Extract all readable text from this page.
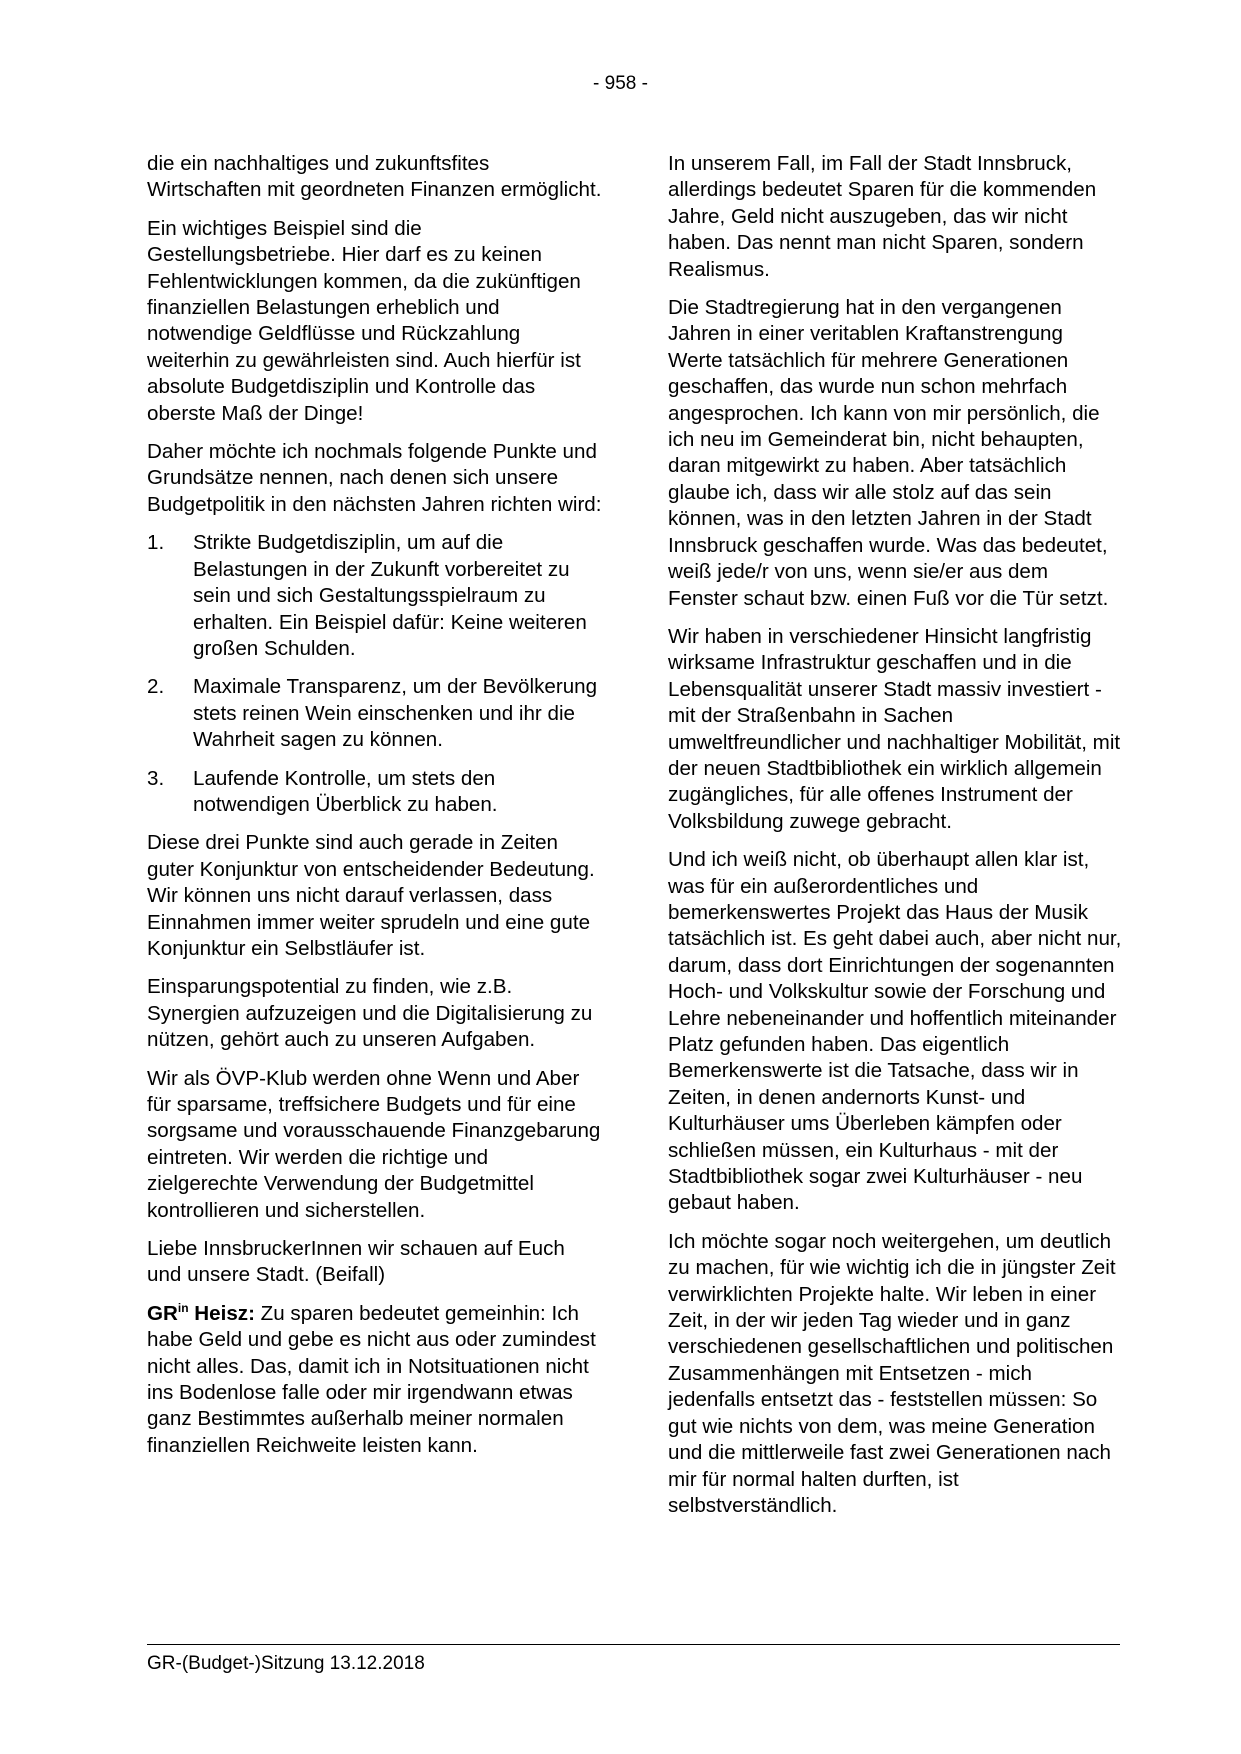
- 958 -

die ein nachhaltiges und zukunftsfites Wirtschaften mit geordneten Finanzen ermöglicht.

Ein wichtiges Beispiel sind die Gestellungsbetriebe. Hier darf es zu keinen Fehlentwicklungen kommen, da die zukünftigen finanziellen Belastungen erheblich und notwendige Geldflüsse und Rückzahlung weiterhin zu gewährleisten sind. Auch hierfür ist absolute Budgetdisziplin und Kontrolle das oberste Maß der Dinge!

Daher möchte ich nochmals folgende Punkte und Grundsätze nennen, nach denen sich unsere Budgetpolitik in den nächsten Jahren richten wird:

1.	Strikte Budgetdisziplin, um auf die Belastungen in der Zukunft vorbereitet zu sein und sich Gestaltungsspielraum zu erhalten. Ein Beispiel dafür: Keine weiteren großen Schulden.
2.	Maximale Transparenz, um der Bevölkerung stets reinen Wein einschenken und ihr die Wahrheit sagen zu können.
3.	Laufende Kontrolle, um stets den notwendigen Überblick zu haben.

Diese drei Punkte sind auch gerade in Zeiten guter Konjunktur von entscheidender Bedeutung. Wir können uns nicht darauf verlassen, dass Einnahmen immer weiter sprudeln und eine gute Konjunktur ein Selbstläufer ist.

Einsparungspotential zu finden, wie z.B. Synergien aufzuzeigen und die Digitalisierung zu nützen, gehört auch zu unseren Aufgaben.

Wir als ÖVP-Klub werden ohne Wenn und Aber für sparsame, treffsichere Budgets und für eine sorgsame und vorausschauende Finanzgebarung eintreten. Wir werden die richtige und zielgerechte Verwendung der Budgetmittel kontrollieren und sicherstellen.

Liebe InnsbruckerInnen wir schauen auf Euch und unsere Stadt. (Beifall)

$GR^{in}$ Heisz: Zu sparen bedeutet gemeinhin: Ich habe Geld und gebe es nicht aus oder zumindest nicht alles. Das, damit ich in Notsituationen nicht ins Bodenlose falle oder mir irgendwann etwas ganz Bestimmtes außerhalb meiner normalen finanziellen Reichweite leisten kann.

In unserem Fall, im Fall der Stadt Innsbruck, allerdings bedeutet Sparen für die kommenden Jahre, Geld nicht auszugeben, das wir nicht haben. Das nennt man nicht Sparen, sondern Realismus.

Die Stadtregierung hat in den vergangenen Jahren in einer veritablen Kraftanstrengung Werte tatsächlich für mehrere Generationen geschaffen, das wurde nun schon mehrfach angesprochen. Ich kann von mir persönlich, die ich neu im Gemeinderat bin, nicht behaupten, daran mitgewirkt zu haben. Aber tatsächlich glaube ich, dass wir alle stolz auf das sein können, was in den letzten Jahren in der Stadt Innsbruck geschaffen wurde. Was das bedeutet, weiß jede/r von uns, wenn sie/er aus dem Fenster schaut bzw. einen Fuß vor die Tür setzt.

Wir haben in verschiedener Hinsicht langfristig wirksame Infrastruktur geschaffen und in die Lebensqualität unserer Stadt massiv investiert - mit der Straßenbahn in Sachen umweltfreundlicher und nachhaltiger Mobilität, mit der neuen Stadtbibliothek ein wirklich allgemein zugängliches, für alle offenes Instrument der Volksbildung zuwege gebracht.

Und ich weiß nicht, ob überhaupt allen klar ist, was für ein außerordentliches und bemerkenswertes Projekt das Haus der Musik tatsächlich ist. Es geht dabei auch, aber nicht nur, darum, dass dort Einrichtungen der sogenannten Hoch- und Volkskultur sowie der Forschung und Lehre nebeneinander und hoffentlich miteinander Platz gefunden haben. Das eigentlich Bemerkenswerte ist die Tatsache, dass wir in Zeiten, in denen andernorts Kunst- und Kulturhäuser ums Überleben kämpfen oder schließen müssen, ein Kulturhaus - mit der Stadtbibliothek sogar zwei Kulturhäuser - neu gebaut haben.

Ich möchte sogar noch weitergehen, um deutlich zu machen, für wie wichtig ich die in jüngster Zeit verwirklichten Projekte halte. Wir leben in einer Zeit, in der wir jeden Tag wieder und in ganz verschiedenen gesellschaftlichen und politischen Zusammenhängen mit Entsetzen - mich jedenfalls entsetzt das - feststellen müssen: So gut wie nichts von dem, was meine Generation und die mittlerweile fast zwei Generationen nach mir für normal halten durften, ist selbstverständlich.

GR-(Budget-)Sitzung 13.12.2018
